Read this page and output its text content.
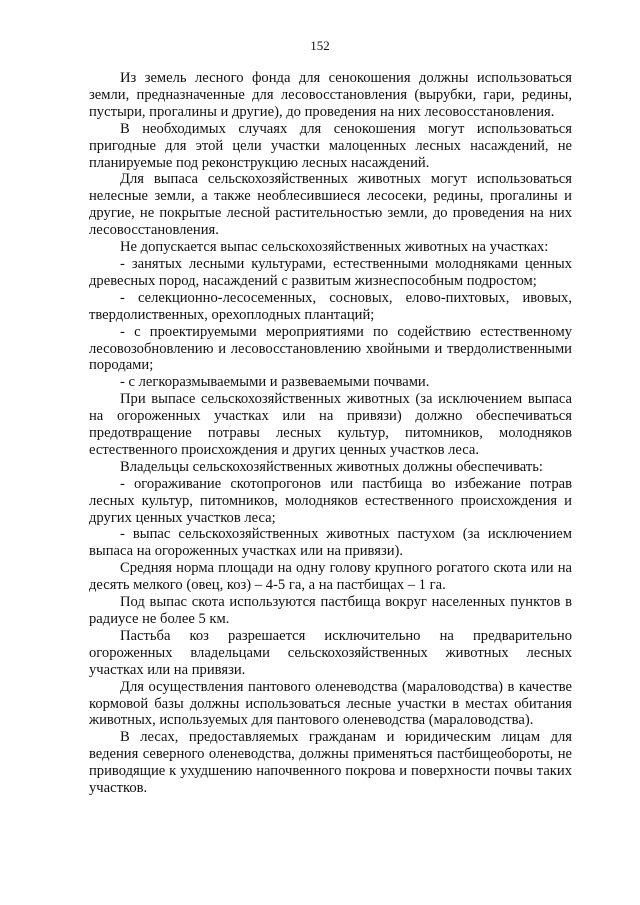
152

Из земель лесного фонда для сенокошения должны использоваться земли, предназначенные для лесовосстановления (вырубки, гари, редины, пустыри, прогалины и другие), до проведения на них лесовосстановления.

В необходимых случаях для сенокошения могут использоваться пригодные для этой цели участки малоценных лесных насаждений, не планируемые под реконструкцию лесных насаждений.

Для выпаса сельскохозяйственных животных могут использоваться нелесные земли, а также необлесившиеся лесосеки, редины, прогалины и другие, не покрытые лесной растительностью земли, до проведения на них лесовосстановления.

Не допускается выпас сельскохозяйственных животных на участках:

- занятых лесными культурами, естественными молодняками ценных древесных пород, насаждений с развитым жизнеспособным подростом;

- селекционно-лесосеменных, сосновых, елово-пихтовых, ивовых, твердолиственных, орехоплодных плантаций;

- с проектируемыми мероприятиями по содействию естественному лесовозобновлению и лесовосстановлению хвойными и твердолиственными породами;

- с легкоразмываемыми и развеваемыми почвами.

При выпасе сельскохозяйственных животных (за исключением выпаса на огороженных участках или на привязи) должно обеспечиваться предотвращение потравы лесных культур, питомников, молодняков естественного происхождения и других ценных участков леса.

Владельцы сельскохозяйственных животных должны обеспечивать:

- огораживание скотопрогонов или пастбища во избежание потрав лесных культур, питомников, молодняков естественного происхождения и других ценных участков леса;

- выпас сельскохозяйственных животных пастухом (за исключением выпаса на огороженных участках или на привязи).

Средняя норма площади на одну голову крупного рогатого скота или на десять мелкого (овец, коз) – 4-5 га, а на пастбищах – 1 га.

Под выпас скота используются пастбища вокруг населенных пунктов в радиусе не более 5 км.

Пастьба коз разрешается исключительно на предварительно огороженных владельцами сельскохозяйственных животных лесных участках или на привязи.

Для осуществления пантового оленеводства (мараловодства) в качестве кормовой базы должны использоваться лесные участки в местах обитания животных, используемых для пантового оленеводства (мараловодства).

В лесах, предоставляемых гражданам и юридическим лицам для ведения северного оленеводства, должны применяться пастбищеобороты, не приводящие к ухудшению напочвенного покрова и поверхности почвы таких участков.
